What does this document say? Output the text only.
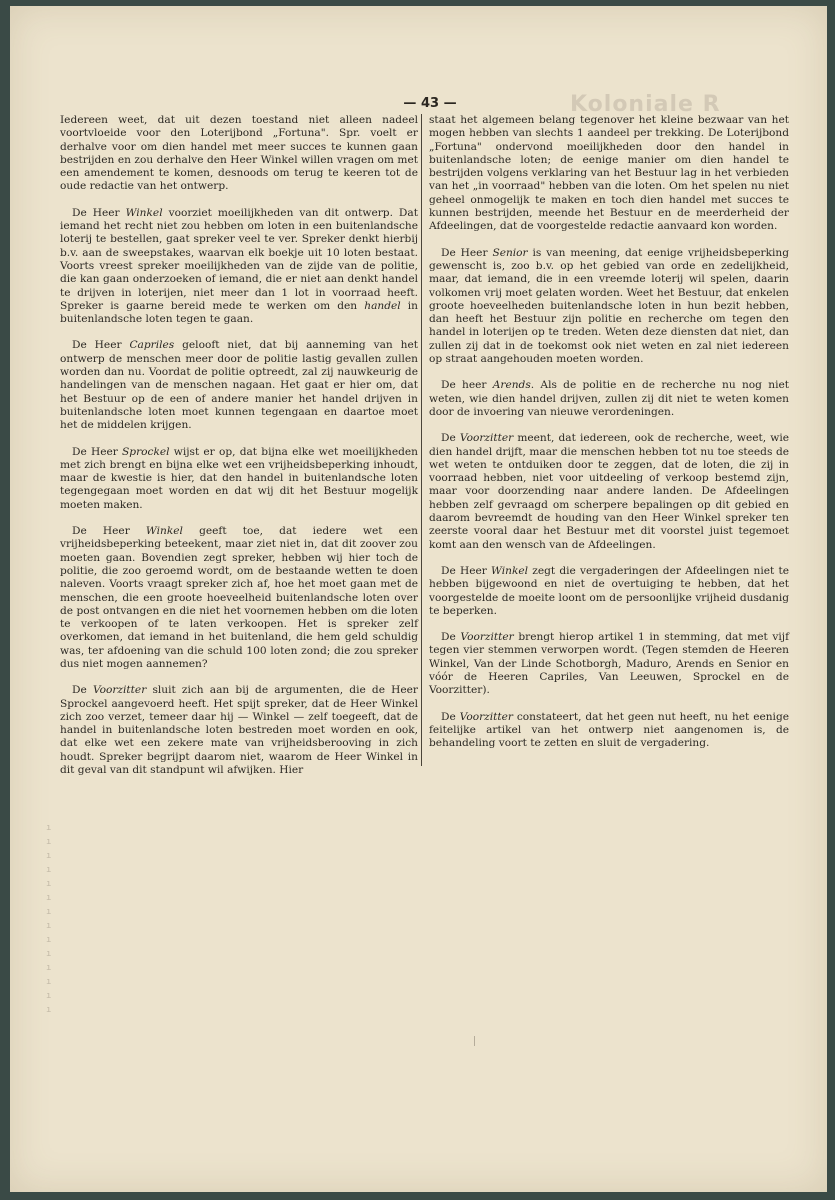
— 43 —	Koloniale R

Iedereen weet, dat uit dezen toestand niet alleen nadeel voortvloeide voor den Loterijbond „Fortuna". Spr. voelt er derhalve voor om dien handel met meer succes te kunnen gaan bestrijden en zou derhalve den Heer Winkel willen vragen om met een amendement te komen, desnoods om terug te keeren tot de oude redactie van het ontwerp.

De Heer Winkel voorziet moeilijkheden van dit ontwerp. Dat iemand het recht niet zou hebben om loten in een buitenlandsche loterij te bestellen, gaat spreker veel te ver. Spreker denkt hierbij b.v. aan de sweepstakes, waarvan elk boekje uit 10 loten bestaat. Voorts vreest spreker moeilijkheden van de zijde van de politie, die kan gaan onderzoeken of iemand, die er niet aan denkt handel te drijven in loterijen, niet meer dan 1 lot in voorraad heeft. Spreker is gaarne bereid mede te werken om den handel in buitenlandsche loten tegen te gaan.

De Heer Capriles gelooft niet, dat bij aanneming van het ontwerp de menschen meer door de politie lastig gevallen zullen worden dan nu. Voordat de politie optreedt, zal zij nauwkeurig de handelingen van de menschen nagaan. Het gaat er hier om, dat het Bestuur op de een of andere manier het handel drijven in buitenlandsche loten moet kunnen tegengaan en daartoe moet het de middelen krijgen.

De Heer Sprockel wijst er op, dat bijna elke wet moeilijkheden met zich brengt en bijna elke wet een vrijheidsbeperking inhoudt, maar de kwestie is hier, dat den handel in buitenlandsche loten tegengegaan moet worden en dat wij dit het Bestuur mogelijk moeten maken.

De Heer Winkel geeft toe, dat iedere wet een vrijheidsbeperking beteekent, maar ziet niet in, dat dit zoover zou moeten gaan. Bovendien zegt spreker, hebben wij hier toch de politie, die zoo geroemd wordt, om de bestaande wetten te doen naleven. Voorts vraagt spreker zich af, hoe het moet gaan met de menschen, die een groote hoeveelheid buitenlandsche loten over de post ontvangen en die niet het voornemen hebben om die loten te verkoopen of te laten verkoopen. Het is spreker zelf overkomen, dat iemand in het buitenland, die hem geld schuldig was, ter afdoening van die schuld 100 loten zond; die zou spreker dus niet mogen aannemen?

De Voorzitter sluit zich aan bij de argumenten, die de Heer Sprockel aangevoerd heeft. Het spijt spreker, dat de Heer Winkel zich zoo verzet, temeer daar hij — Winkel — zelf toegeeft, dat de handel in buitenlandsche loten bestreden moet worden en ook, dat elke wet een zekere mate van vrijheidsberooving in zich houdt. Spreker begrijpt daarom niet, waarom de Heer Winkel in dit geval van dit standpunt wil afwijken. Hier

staat het algemeen belang tegenover het kleine bezwaar van het mogen hebben van slechts 1 aandeel per trekking. De Loterijbond „Fortuna" ondervond moeilijkheden door den handel in buitenlandsche loten; de eenige manier om dien handel te bestrijden volgens verklaring van het Bestuur lag in het verbieden van het „in voorraad" hebben van die loten. Om het spelen nu niet geheel onmogelijk te maken en toch dien handel met succes te kunnen bestrijden, meende het Bestuur en de meerderheid der Afdeelingen, dat de voorgestelde redactie aanvaard kon worden.

De Heer Senior is van meening, dat eenige vrijheidsbeperking gewenscht is, zoo b.v. op het gebied van orde en zedelijkheid, maar, dat iemand, die in een vreemde loterij wil spelen, daarin volkomen vrij moet gelaten worden. Weet het Bestuur, dat enkelen groote hoeveelheden buitenlandsche loten in hun bezit hebben, dan heeft het Bestuur zijn politie en recherche om tegen den handel in loterijen op te treden. Weten deze diensten dat niet, dan zullen zij dat in de toekomst ook niet weten en zal niet iedereen op straat aangehouden moeten worden.

De heer Arends. Als de politie en de recherche nu nog niet weten, wie dien handel drijven, zullen zij dit niet te weten komen door de invoering van nieuwe verordeningen.

De Voorzitter meent, dat iedereen, ook de recherche, weet, wie dien handel drijft, maar die menschen hebben tot nu toe steeds de wet weten te ontduiken door te zeggen, dat de loten, die zij in voorraad hebben, niet voor uitdeeling of verkoop bestemd zijn, maar voor doorzending naar andere landen. De Afdeelingen hebben zelf gevraagd om scherpere bepalingen op dit gebied en daarom bevreemdt de houding van den Heer Winkel spreker ten zeerste vooral daar het Bestuur met dit voorstel juist tegemoet komt aan den wensch van de Afdeelingen.

De Heer Winkel zegt die vergaderingen der Afdeelingen niet te hebben bijgewoond en niet de overtuiging te hebben, dat het voorgestelde de moeite loont om de persoonlijke vrijheid dusdanig te beperken.

De Voorzitter brengt hierop artikel 1 in stemming, dat met vijf tegen vier stemmen verworpen wordt. (Tegen stemden de Heeren Winkel, Van der Linde Schotborgh, Maduro, Arends en Senior en vóór de Heeren Capriles, Van Leeuwen, Sprockel en de Voorzitter).

De Voorzitter constateert, dat het geen nut heeft, nu het eenige feitelijke artikel van het ontwerp niet aangenomen is, de behandeling voort te zetten en sluit de vergadering.

ı
ı
ı
ı
ı
ı
ı
ı
ı
ı
ı
ı
ı
ı
